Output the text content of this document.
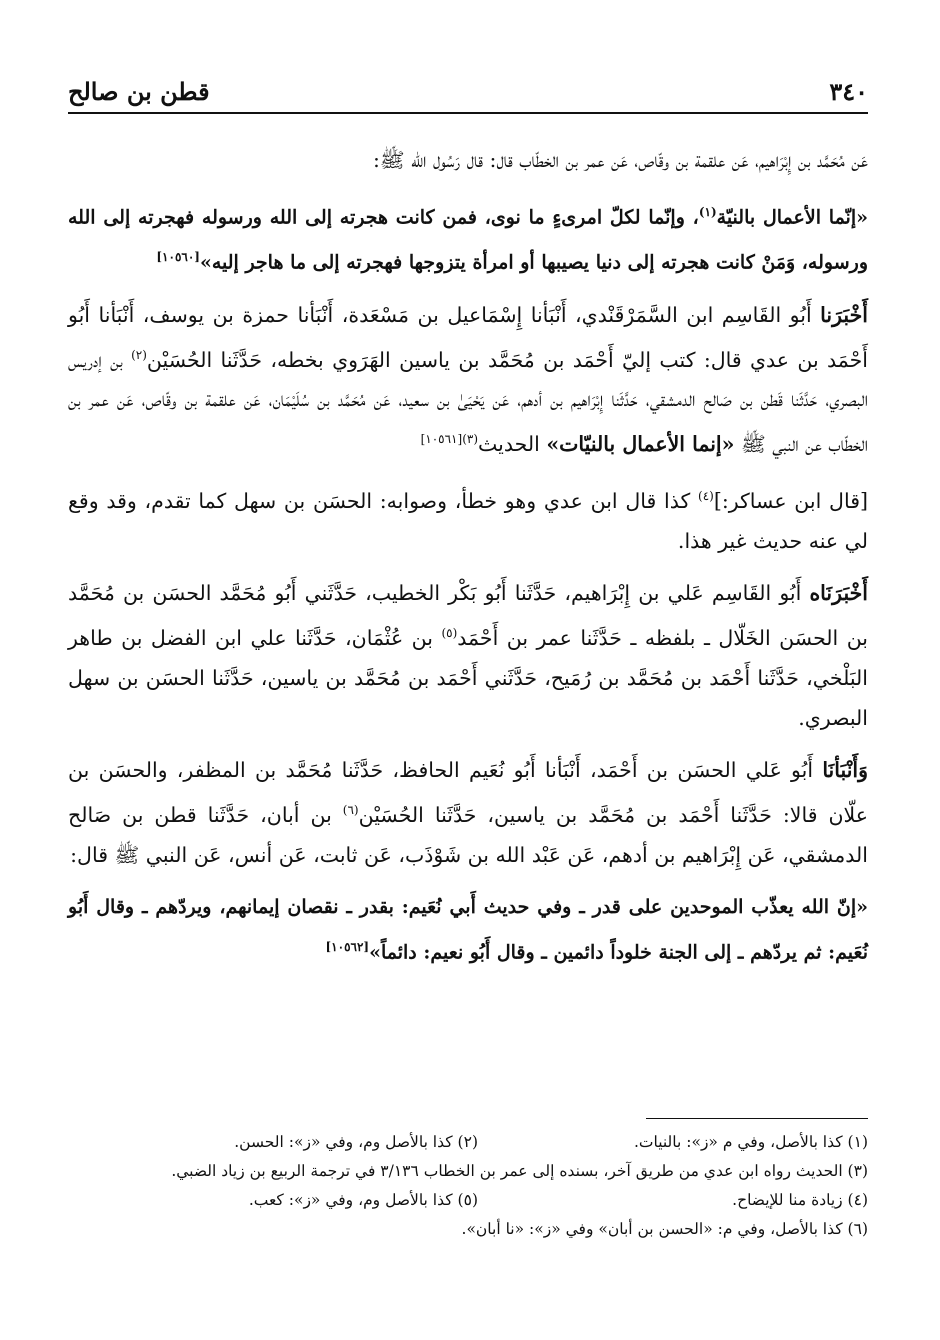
٣٤٠
قطن بن صالح

عَن مُحَمَّد بن إِبْرَاهيم، عَن علقمة بن وقّاص، عَن عمر بن الخطّاب قال: قال رَسُول الله ﷺ:

«إنّما الأعمال بالنيّة$^{(١)}$، وإنّما لكلّ امرىءٍ ما نوى، فمن كانت هجرته إلى الله ورسوله فهجرته إلى الله ورسوله، وَمَنْ كانت هجرته إلى دنيا يصيبها أو امرأة يتزوجها فهجرته إلى ما هاجر إليه»[١٠٥٦٠]

أَخْبَرَنا أَبُو القَاسِم ابن السَّمَرْقَنْدي، أَنْبَأنا إِسْمَاعيل بن مَسْعَدة، أَنْبَأنا حمزة بن يوسف، أَنْبَأنا أَبُو أَحْمَد بن عدي قال: كتب إليّ أَحْمَد بن مُحَمَّد بن ياسين الهَرَوي بخطه، حَدَّثَنا الحُسَيْن$^{(٢)}$ بن إدريس البصري، حَدَّثَنا قَطن بن صَالح الدمشقي، حَدَّثَنا إِبْرَاهيم بن أدهم، عَن يَحْيَىٰ بن سعيد، عَن مُحَمَّد بن سُلَيْمَان، عَن علقمة بن وقّاص، عَن عمر بن الخطّاب عن النبي ﷺ «إنما الأعمال بالنيّات» الحديث$^{(٣)[١٠٥٦١]}$

[قال ابن عساكر:]$^{(٤)}$ كذا قال ابن عدي وهو خطأ، وصوابه: الحسَن بن سهل كما تقدم، وقد وقع لي عنه حديث غير هذا.

أَخْبَرَنَاه أَبُو القَاسِم عَلي بن إِبْرَاهيم، حَدَّثَنا أَبُو بَكْر الخطيب، حَدَّثَني أَبُو مُحَمَّد الحسَن بن مُحَمَّد بن الحسَن الخَلّال ـ بلفظه ـ حَدَّثَنا عمر بن أَحْمَد$^{(٥)}$ بن عُثْمَان، حَدَّثَنا علي ابن الفضل بن طاهر البَلْخي، حَدَّثَنا أَحْمَد بن مُحَمَّد بن رُمَيح، حَدَّثَني أَحْمَد بن مُحَمَّد بن ياسين، حَدَّثَنا الحسَن بن سهل البصري.

وَأَنْبَأنَا أَبُو عَلي الحسَن بن أَحْمَد، أَنْبَأنا أَبُو نُعَيم الحافظ، حَدَّثَنا مُحَمَّد بن المظفر، والحسَن بن علّان قالا: حَدَّثَنا أَحْمَد بن مُحَمَّد بن ياسين، حَدَّثَنا الحُسَيْن$^{(٦)}$ بن أبان، حَدَّثَنا قطن بن صَالح الدمشقي، عَن إِبْرَاهيم بن أدهم، عَن عَبْد الله بن شَوْذَب، عَن ثابت، عَن أنس، عَن النبي ﷺ قال:

«إنّ الله يعذّب الموحدين على قدر ـ وفي حديث أَبي نُعَيم: بقدر ـ نقصان إيمانهم، ويردّهم ـ وقال أَبُو نُعَيم: ثم يردّهم ـ إلى الجنة خلوداً دائمين ـ وقال أَبُو نعيم: دائماً»[١٠٥٦٢]

(١) كذا بالأصل، وفي م «ز»: بالنيات.
(٢) كذا بالأصل وم، وفي «ز»: الحسن.
(٣) الحديث رواه ابن عدي من طريق آخر، بسنده إلى عمر بن الخطاب ٣/١٣٦ في ترجمة الربيع بن زياد الضبي.
(٤) زيادة منا للإيضاح.
(٥) كذا بالأصل وم، وفي «ز»: كعب.
(٦) كذا بالأصل، وفي م: «الحسن بن أبان» وفي «ز»: «نا أبان».
